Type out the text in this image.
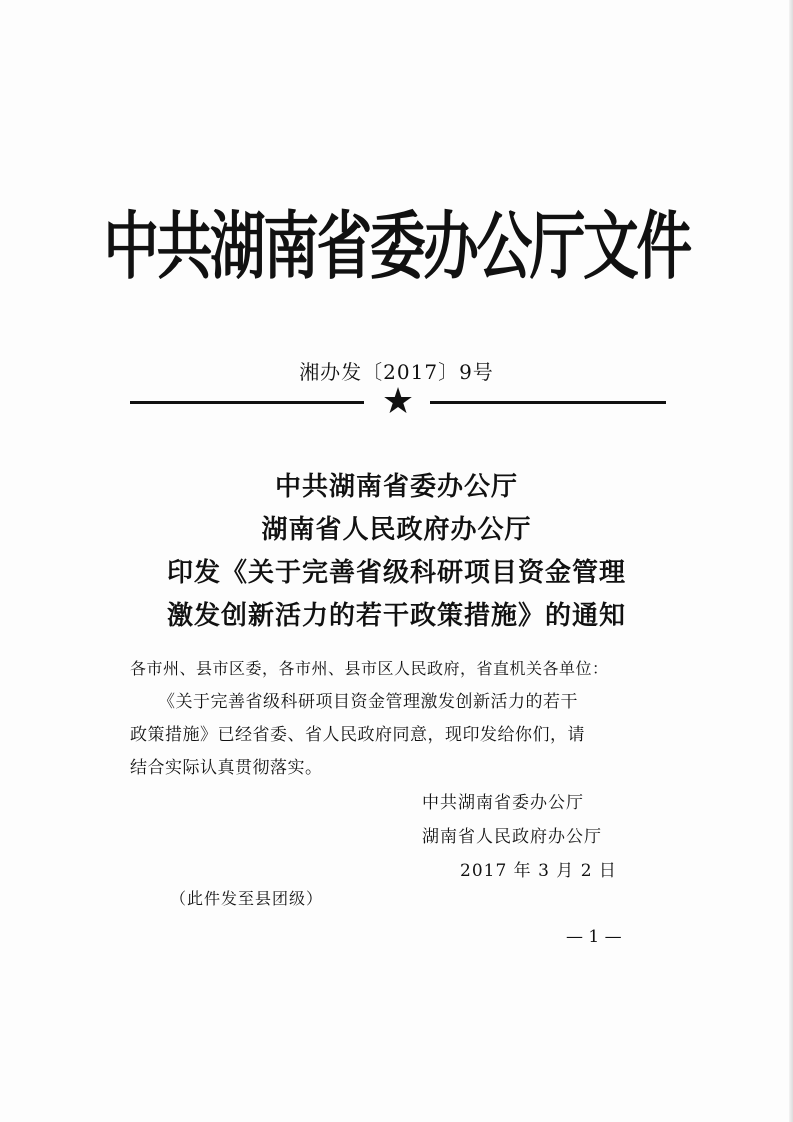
中共湖南省委办公厅文件
湘办发〔2017〕9号
★
中共湖南省委办公厅
湖南省人民政府办公厅
印发《关于完善省级科研项目资金管理
激发创新活力的若干政策措施》的通知
各市州、县市区委，各市州、县市区人民政府，省直机关各单位：
《关于完善省级科研项目资金管理激发创新活力的若干
政策措施》已经省委、省人民政府同意，现印发给你们，请
结合实际认真贯彻落实。
中共湖南省委办公厅
湖南省人民政府办公厅
2017 年 3 月 2 日
（此件发至县团级）
— 1 —
